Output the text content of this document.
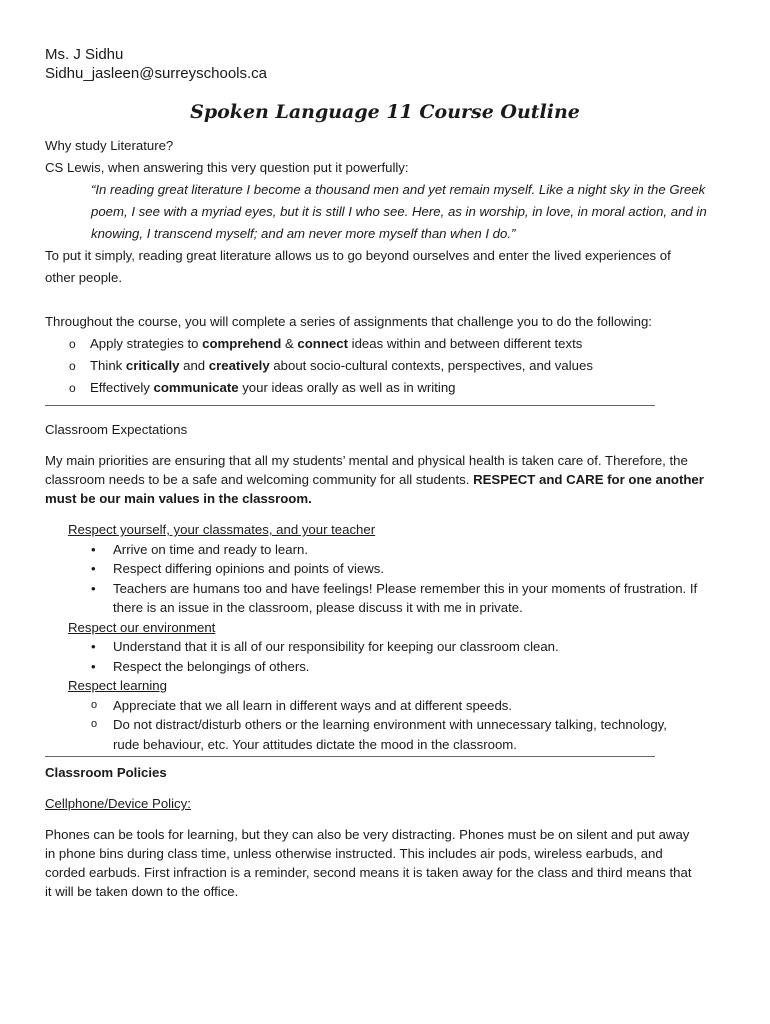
Ms. J Sidhu
Sidhu_jasleen@surreyschools.ca
Spoken Language 11 Course Outline
Why study Literature?
CS Lewis, when answering this very question put it powerfully:
“In reading great literature I become a thousand men and yet remain myself. Like a night sky in the Greek poem, I see with a myriad eyes, but it is still I who see. Here, as in worship, in love, in moral action, and in knowing, I transcend myself; and am never more myself than when I do.”
To put it simply, reading great literature allows us to go beyond ourselves and enter the lived experiences of
other people.
Throughout the course, you will complete a series of assignments that challenge you to do the following:
o Apply strategies to comprehend & connect ideas within and between different texts
o Think critically and creatively about socio-cultural contexts, perspectives, and values
o Effectively communicate your ideas orally as well as in writing
Classroom Expectations
My main priorities are ensuring that all my students’ mental and physical health is taken care of. Therefore, the
classroom needs to be a safe and welcoming community for all students. RESPECT and CARE for one another
must be our main values in the classroom.
Respect yourself, your classmates, and your teacher
• Arrive on time and ready to learn.
• Respect differing opinions and points of views.
• Teachers are humans too and have feelings! Please remember this in your moments of frustration. If
there is an issue in the classroom, please discuss it with me in private.
Respect our environment
• Understand that it is all of our responsibility for keeping our classroom clean.
• Respect the belongings of others.
Respect learning
o Appreciate that we all learn in different ways and at different speeds.
o Do not distract/disturb others or the learning environment with unnecessary talking, technology,
rude behaviour, etc. Your attitudes dictate the mood in the classroom.
Classroom Policies
Cellphone/Device Policy:
Phones can be tools for learning, but they can also be very distracting. Phones must be on silent and put away
in phone bins during class time, unless otherwise instructed. This includes air pods, wireless earbuds, and
corded earbuds. First infraction is a reminder, second means it is taken away for the class and third means that
it will be taken down to the office.
